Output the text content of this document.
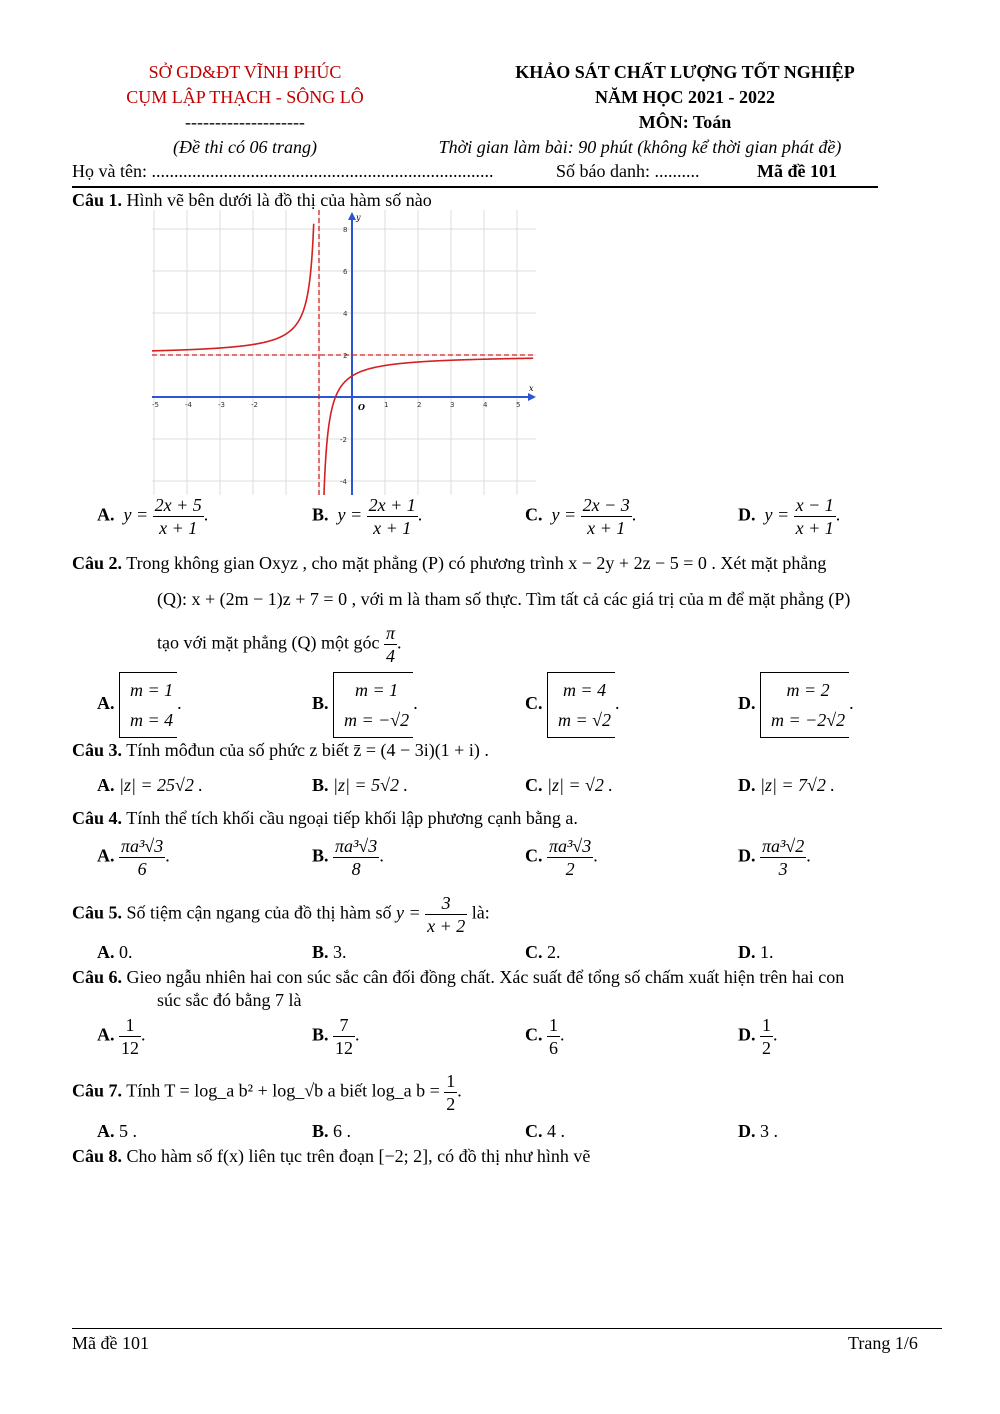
SỞ GD&ĐT VĨNH PHÚC
CỤM LẬP THẠCH - SÔNG LÔ
--------------------
(Đề thi có 06 trang)
KHẢO SÁT CHẤT LƯỢNG TỐT NGHIỆP
NĂM HỌC 2021 - 2022
MÔN: Toán
Thời gian làm bài: 90 phút (không kể thời gian phát đề)
Họ và tên: ............................................................................	Số báo danh: ..........	Mã đề 101
Câu 1. Hình vẽ bên dưới là đồ thị của hàm số nào
-5	-4	-3	-2	1	2	3	4	5
8
6
4
2
-2
-4
x
y
O
A.  $y = \frac{2x + 5}{x + 1}$ .	B.  $y = \frac{2x + 1}{x + 1}$ .	C.  $y = \frac{2x - 3}{x + 1}$ .	D.  $y = \frac{x - 1}{x + 1}$ .
Câu 2. Trong không gian Oxyz , cho mặt phẳng (P) có phương trình x − 2y + 2z − 5 = 0 . Xét mặt phẳng
(Q): x + (2m − 1)z + 7 = 0 , với m là tham số thực. Tìm tất cả các giá trị của m để mặt phẳng (P)
tạo với mặt phẳng (Q) một góc $\frac{\pi}{4}$ .
A.
m = 1
m = 4
.	B.
m = 1
m = −√2
.	C.
m = 4
m = √2
.	D.
m = 2
m = −2√2
.
Câu 3. Tính môđun của số phức z biết z̄ = (4 − 3i)(1 + i) .
A. |z| = 25√2 .	B. |z| = 5√2 .	C. |z| = √2 .	D. |z| = 7√2 .
Câu 4. Tính thể tích khối cầu ngoại tiếp khối lập phương cạnh bằng a.
A. $\frac{\text{πa³√3}}{6}$ .	B. $\frac{\text{πa³√3}}{8}$ .	C. $\frac{\text{πa³√3}}{2}$ .	D. $\frac{\text{πa³√2}}{3}$ .
Câu 5. Số tiệm cận ngang của đồ thị hàm số $y = \frac{3}{x + 2}$ là:
A. 0.	B. 3.	C. 2.	D. 1.
Câu 6. Gieo ngẫu nhiên hai con súc sắc cân đối đồng chất. Xác suất để tổng số chấm xuất hiện trên hai con
súc sắc đó bằng 7 là
A. $\frac{1}{12}$ .	B. $\frac{7}{12}$ .	C. $\frac{1}{6}$ .	D. $\frac{1}{2}$ .
Câu 7. Tính T = log_a b² + log_√b a biết log_a $b = \frac{1}{2}$ .
A. 5 .	B. 6 .	C. 4 .	D. 3 .
Câu 8. Cho hàm số f(x) liên tục trên đoạn [−2; 2], có đồ thị như hình vẽ
Mã đề 101	Trang 1/6
